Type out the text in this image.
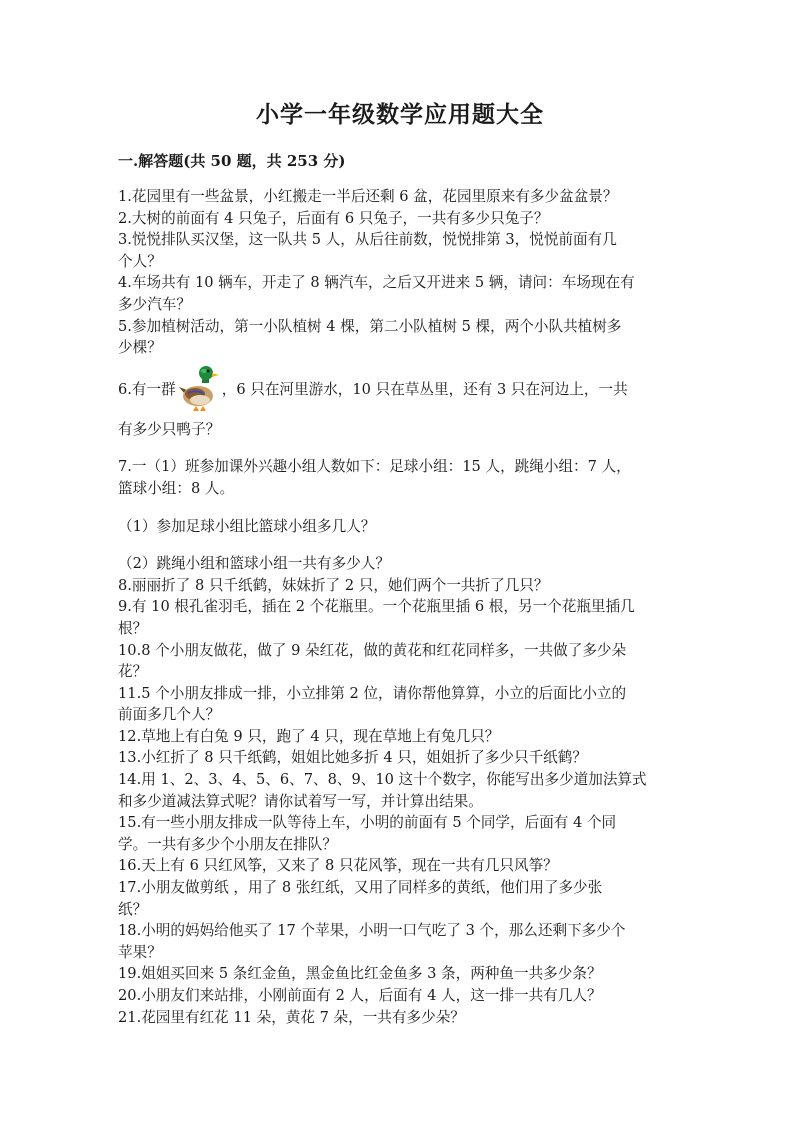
小学一年级数学应用题大全
一.解答题(共 50 题，共 253 分)

1.花园里有一些盆景，小红搬走一半后还剩 6 盆，花园里原来有多少盆盆景？

2.大树的前面有 4 只兔子，后面有 6 只兔子，一共有多少只兔子？

3.悦悦排队买汉堡，这一队共 5 人，从后往前数，悦悦排第 3，悦悦前面有几

个人？

4.车场共有 10 辆车，开走了 8 辆汽车，之后又开进来 5 辆，请问：车场现在有

多少汽车？

5.参加植树活动，第一小队植树 4 棵，第二小队植树 5 棵，两个小队共植树多

少棵？

6.有一群	，6 只在河里游水，10 只在草丛里，还有 3 只在河边上，一共

有多少只鸭子？

7.一（1）班参加课外兴趣小组人数如下：足球小组：15 人，跳绳小组：7 人，

篮球小组：8 人。

（1）参加足球小组比篮球小组多几人？

（2）跳绳小组和篮球小组一共有多少人？

8.丽丽折了 8 只千纸鹤，妹妹折了 2 只，她们两个一共折了几只？

9.有 10 根孔雀羽毛，插在 2 个花瓶里。一个花瓶里插 6 根，另一个花瓶里插几

根？

10.8 个小朋友做花，做了 9 朵红花，做的黄花和红花同样多，一共做了多少朵

花？

11.5 个小朋友排成一排，小立排第 2 位，请你帮他算算，小立的后面比小立的

前面多几个人？

12.草地上有白兔 9 只，跑了 4 只，现在草地上有兔几只？

13.小红折了 8 只千纸鹤，姐姐比她多折 4 只，姐姐折了多少只千纸鹤？

14.用 1、2、3、4、5、6、7、8、9、10 这十个数字，你能写出多少道加法算式

和多少道减法算式呢？请你试着写一写，并计算出结果。

15.有一些小朋友排成一队等待上车，小明的前面有 5 个同学，后面有 4 个同

学。一共有多少个小朋友在排队？

16.天上有 6 只红风筝，又来了 8 只花风筝，现在一共有几只风筝？

17.小朋友做剪纸 ，用了 8 张红纸，又用了同样多的黄纸，他们用了多少张

纸？

18.小明的妈妈给他买了 17 个苹果，小明一口气吃了 3 个，那么还剩下多少个

苹果？

19.姐姐买回来 5 条红金鱼，黑金鱼比红金鱼多 3 条，两种鱼一共多少条？

20.小朋友们来站排，小刚前面有 2 人，后面有 4 人，这一排一共有几人？

21.花园里有红花 11 朵，黄花 7 朵，一共有多少朵？
